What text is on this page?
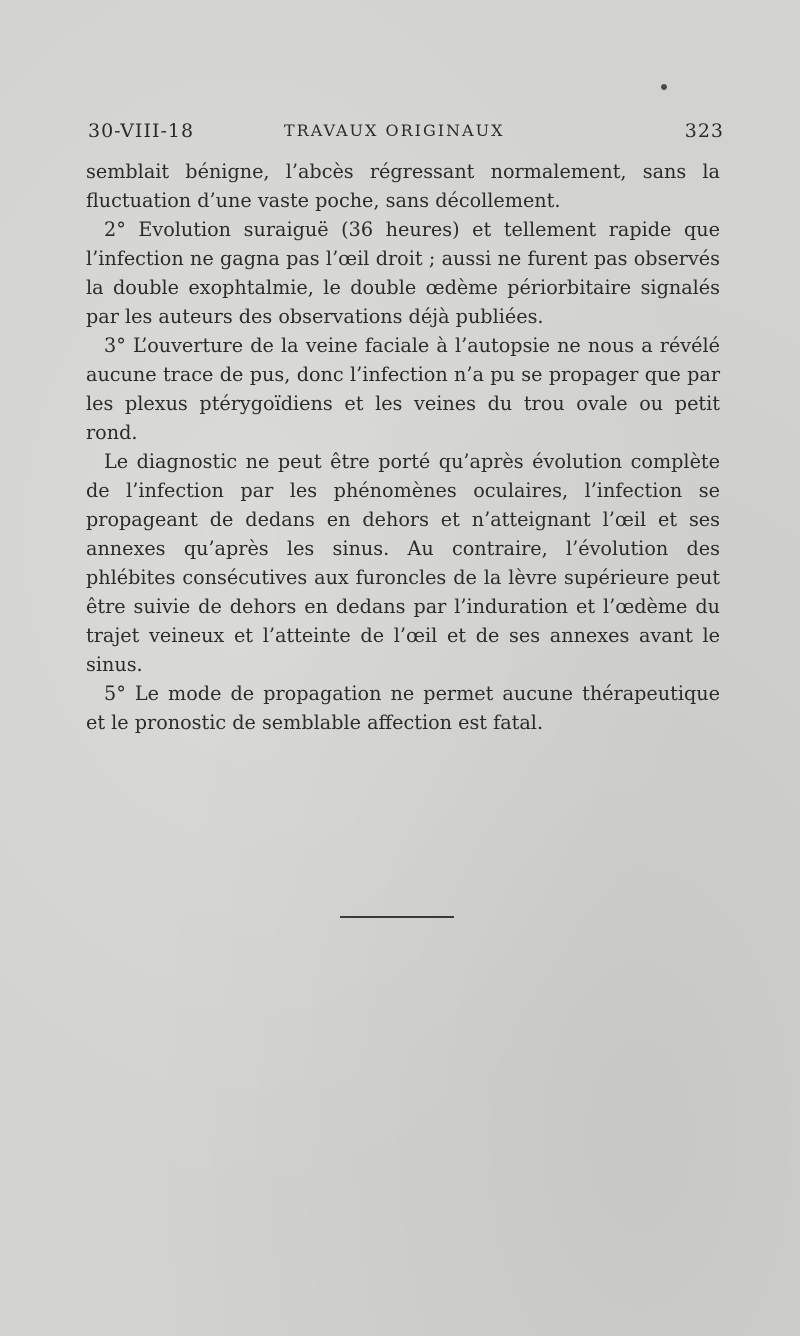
30-VIII-18	TRAVAUX ORIGINAUX	323

semblait bénigne, l’abcès régressant normalement, sans la fluctuation d’une vaste poche, sans décollement.

2° Evolution suraiguë (36 heures) et tellement rapide que l’infection ne gagna pas l’œil droit ; aussi ne furent pas observés la double exophtalmie, le double œdème périorbitaire signalés par les auteurs des observations déjà publiées.

3° L’ouverture de la veine faciale à l’autopsie ne nous a révélé aucune trace de pus, donc l’infection n’a pu se propager que par les plexus ptérygoïdiens et les veines du trou ovale ou petit rond.

Le diagnostic ne peut être porté qu’après évolution complète de l’infection par les phénomènes oculaires, l’infection se propageant de dedans en dehors et n’atteignant l’œil et ses annexes qu’après les sinus. Au contraire, l’évolution des phlébites consécutives aux furoncles de la lèvre supérieure peut être suivie de dehors en dedans par l’induration et l’œdème du trajet veineux et l’atteinte de l’œil et de ses annexes avant le sinus.

5° Le mode de propagation ne permet aucune thérapeutique et le pronostic de semblable affection est fatal.
